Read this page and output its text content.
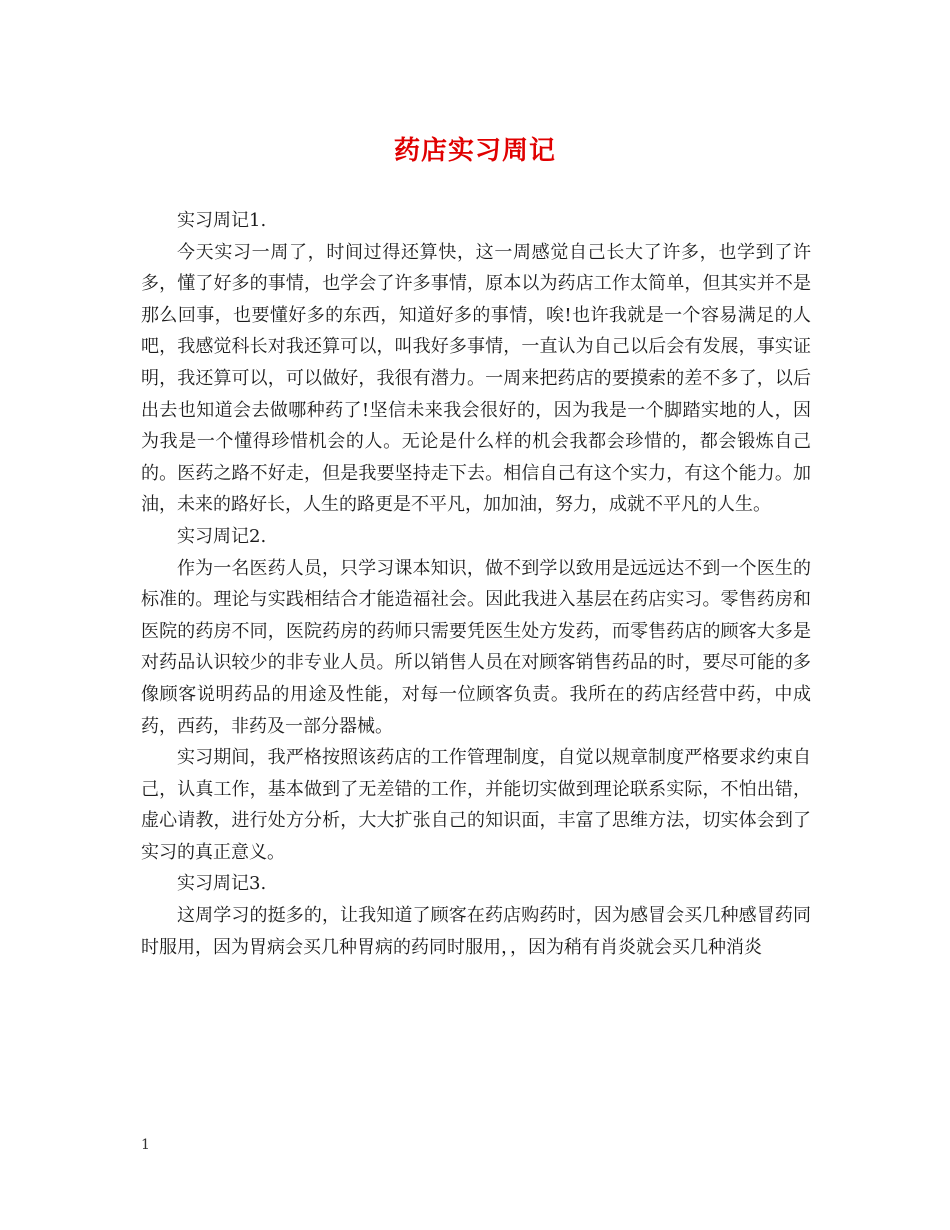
药店实习周记

实习周记1.

今天实习一周了，时间过得还算快，这一周感觉自己长大了许多，也学到了许多，懂了好多的事情，也学会了许多事情，原本以为药店工作太简单，但其实并不是那么回事，也要懂好多的东西，知道好多的事情，唉!也许我就是一个容易满足的人吧，我感觉科长对我还算可以，叫我好多事情，一直认为自己以后会有发展，事实证明，我还算可以，可以做好，我很有潜力。一周来把药店的要摸索的差不多了，以后出去也知道会去做哪种药了!坚信未来我会很好的，因为我是一个脚踏实地的人，因为我是一个懂得珍惜机会的人。无论是什么样的机会我都会珍惜的，都会锻炼自己的。医药之路不好走，但是我要坚持走下去。相信自己有这个实力，有这个能力。加油，未来的路好长，人生的路更是不平凡，加加油，努力，成就不平凡的人生。

实习周记2.

作为一名医药人员，只学习课本知识，做不到学以致用是远远达不到一个医生的标准的。理论与实践相结合才能造福社会。因此我进入基层在药店实习。零售药房和医院的药房不同，医院药房的药师只需要凭医生处方发药，而零售药店的顾客大多是对药品认识较少的非专业人员。所以销售人员在对顾客销售药品的时，要尽可能的多像顾客说明药品的用途及性能，对每一位顾客负责。我所在的药店经营中药，中成药，西药，非药及一部分器械。

实习期间，我严格按照该药店的工作管理制度，自觉以规章制度严格要求约束自己，认真工作，基本做到了无差错的工作，并能切实做到理论联系实际，不怕出错，虚心请教，进行处方分析，大大扩张自己的知识面，丰富了思维方法，切实体会到了实习的真正意义。

实习周记3.

这周学习的挺多的，让我知道了顾客在药店购药时，因为感冒会买几种感冒药同时服用，因为胃病会买几种胃病的药同时服用，，因为稍有肖炎就会买几种消炎

1
